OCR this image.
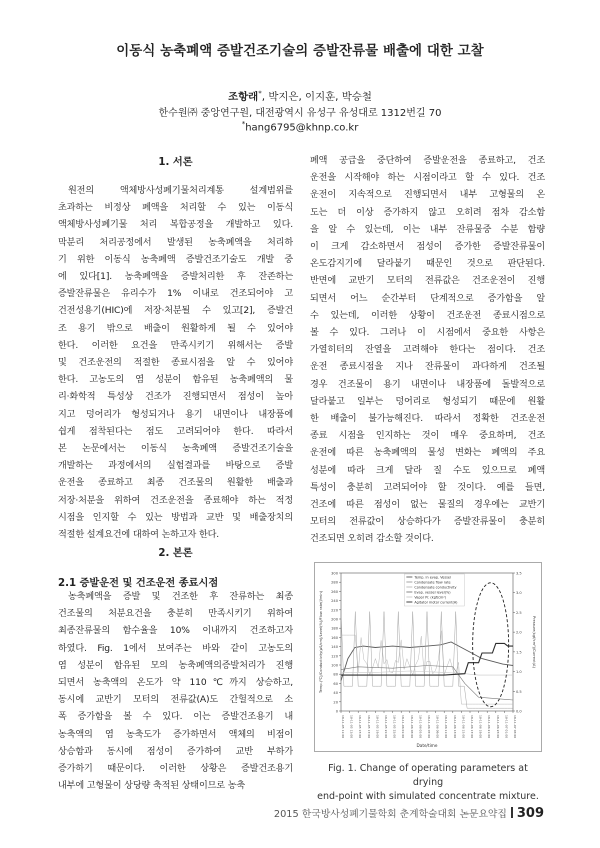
이동식 농축폐액 증발건조기술의 증발잔류물 배출에 대한 고찰
조항래*, 박지은, 이지훈, 박승철
한수원㈜ 중앙연구원, 대전광역시 유성구 유성대로 1312번길 70
*hang6795@khnp.co.kr
1. 서론
원전의 액체방사성폐기물처리계통 설계범위를
초과하는 비정상 폐액을 처리할 수 있는 이동식
액체방사성폐기물 처리 복합공정을 개발하고 있다.
막분리 처리공정에서 발생된 농축폐액을 처리하
기 위한 이동식 농축폐액 증발건조기술도 개발 중
에 있다[1]. 농축폐액을 증발처리한 후 잔존하는
증발잔류물은 유리수가 1% 이내로 건조되어야 고
건전성용기(HIC)에 저장·처분될 수 있고[2], 증발건
조 용기 밖으로 배출이 원활하게 될 수 있어야
한다. 이러한 요건을 만족시키기 위해서는 증발
및 건조운전의 적절한 종료시점을 알 수 있어야
한다. 고농도의 염 성분이 함유된 농축폐액의 물
리·화학적 특성상 건조가 진행되면서 점성이 높아
지고 덩어리가 형성되거나 용기 내면이나 내장품에
쉽게 점착된다는 점도 고려되어야 한다. 따라서
본 논문에서는 이동식 농축폐액 증발건조기술을
개발하는 과정에서의 실험결과를 바탕으로 증발
운전을 종료하고 최종 건조물의 원활한 배출과
저장·처분을 위하여 건조운전을 종료해야 하는 적정
시점을 인지할 수 있는 방법과 교반 및 배출장치의
적절한 설계요건에 대하여 논하고자 한다.
2. 본론
2.1 증발운전 및 건조운전 종료시점
농축폐액을 증발 및 건조한 후 잔류하는 최종
건조물의 처분요건을 충분히 만족시키기 위하여
최종잔류물의 함수율을 10% 이내까지 건조하고자
하였다. Fig. 1에서 보여주는 바와 같이 고농도의
염 성분이 함유된 모의 농축폐액의증발처리가 진행
되면서 농축액의 온도가 약 110℃까지 상승하고,
동시에 교반기 모터의 전류값(A)도 간헐적으로 소
폭 증가함을 볼 수 있다. 이는 증발건조용기 내
농축액의 염 농축도가 증가하면서 액체의 비점이
상승함과 동시에 점성이 증가하여 교반 부하가
증가하기 때문이다. 이러한 상황은 증발건조용기
내부에 고형물이 상당량 축적된 상태이므로 농축
폐액 공급을 중단하여 증발운전을 종료하고, 건조
운전을 시작해야 하는 시점이라고 할 수 있다. 건조
운전이 지속적으로 진행되면서 내부 고형물의 온
도는 더 이상 증가하지 않고 오히려 점차 감소함
을 알 수 있는데, 이는 내부 잔류물중 수분 함량
이 크게 감소하면서 점성이 증가한 증발잔류물이
온도감지기에 달라붙기 때문인 것으로 판단된다.
반면에 교반기 모터의 전류값은 건조운전이 진행
되면서 어느 순간부터 단계적으로 증가함을 알
수 있는데, 이러한 상황이 건조운전 종료시점으로
볼 수 있다. 그러나 이 시점에서 중요한 사항은
가열히터의 잔열을 고려해야 한다는 점이다. 건조
운전 종료시점을 지나 잔류물이 과다하게 건조될
경우 건조물이 용기 내면이나 내장품에 돌발적으로
달라붙고 일부는 덩어리로 형성되기 때문에 원활
한 배출이 불가능해진다. 따라서 정확한 건조운전
종료 시점을 인지하는 것이 매우 중요하며, 건조
운전에 따른 농축폐액의 물성 변화는 폐액의 주요
성분에 따라 크게 달라 질 수도 있으므로 폐액
특성이 충분히 고려되어야 할 것이다. 예를 들면,
건조에 따른 점성이 없는 물질의 경우에는 교반기
모터의 전류값이 상승하다가 증발잔류물이 충분히
건조되면 오히려 감소할 것이다.
0
20
40
60
80
100
120
140
160
180
200
220
240
260
280
300
0.0
0.5
1.0
1.5
2.0
2.5
3.0
3.5
18-11-05 11:00 18-11-05 13:00 18-11-05 15:00 18-11-05 17:00 18-11-05 19:00 18-11-05 21:00 18-11-05 23:00 18-11-06 01:00 18-11-06 03:00 18-11-06 05:00 18-11-06 07:00 18-11-06 09:00 18-11-06 11:00 18-11-06 13:00 18-11-06 15:00 18-11-06 17:00 18-11-06 19:00 18-11-06 21:00 18-11-06 23:00 18-11-07 01:00 18-11-07 03:00
Date/time
Temp.(℃)/Conductivity(μS/cm)/Level(%)/Flow rate(l/min)	Pressure(kgf/cm²)/Current(A)
Temp. in evap. Vessel
Condensate flow rate
Condensate conductivity
Evap. vessel level(%)
Vapor Pr. (kgf/cm²)
Agitator motor current(A)
Fig. 1. Change of operating parameters at drying
end-point with simulated concentrate mixture.
2015 한국방사성폐기물학회 춘계학술대회 논문요약집 309
